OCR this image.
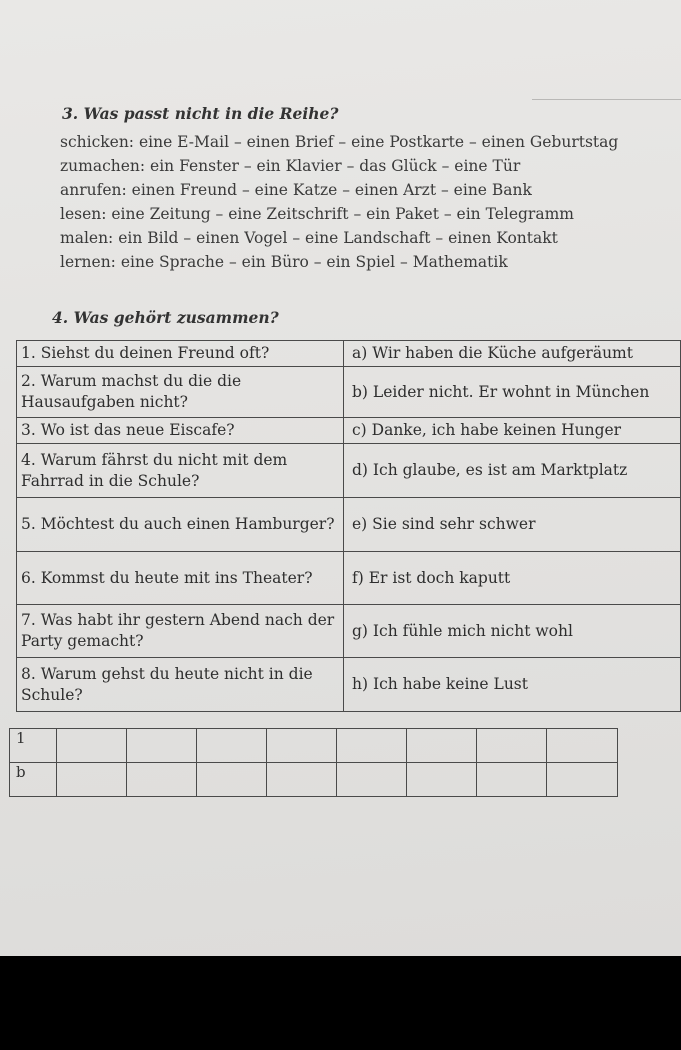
3. Was passt nicht in die Reihe?
schicken: eine E-Mail – einen Brief – eine Postkarte – einen Geburtstag
zumachen: ein Fenster – ein Klavier – das Glück – eine Tür
anrufen: einen Freund – eine Katze – einen Arzt – eine Bank
lesen: eine Zeitung – eine Zeitschrift – ein Paket – ein Telegramm
malen: ein Bild – einen Vogel – eine Landschaft – einen Kontakt
lernen: eine Sprache – ein Büro – ein Spiel – Mathematik
4. Was gehört zusammen?
1. Siehst du deinen Freund oft?	a) Wir haben die Küche aufgeräumt
2. Warum machst du die die Hausaufgaben nicht?	b) Leider nicht. Er wohnt in München
3. Wo ist das neue Eiscafe?	c) Danke, ich habe keinen Hunger
4. Warum fährst du nicht mit dem Fahrrad in die Schule?	d) Ich glaube, es ist am Marktplatz
5. Möchtest du auch einen Hamburger?	e) Sie sind sehr schwer
6. Kommst du heute mit ins Theater?	f) Er ist doch kaputt
7. Was habt ihr gestern Abend nach der Party gemacht?	g) Ich fühle mich nicht wohl
8. Warum gehst du heute nicht in die Schule?	h) Ich habe keine Lust
1								
b								
